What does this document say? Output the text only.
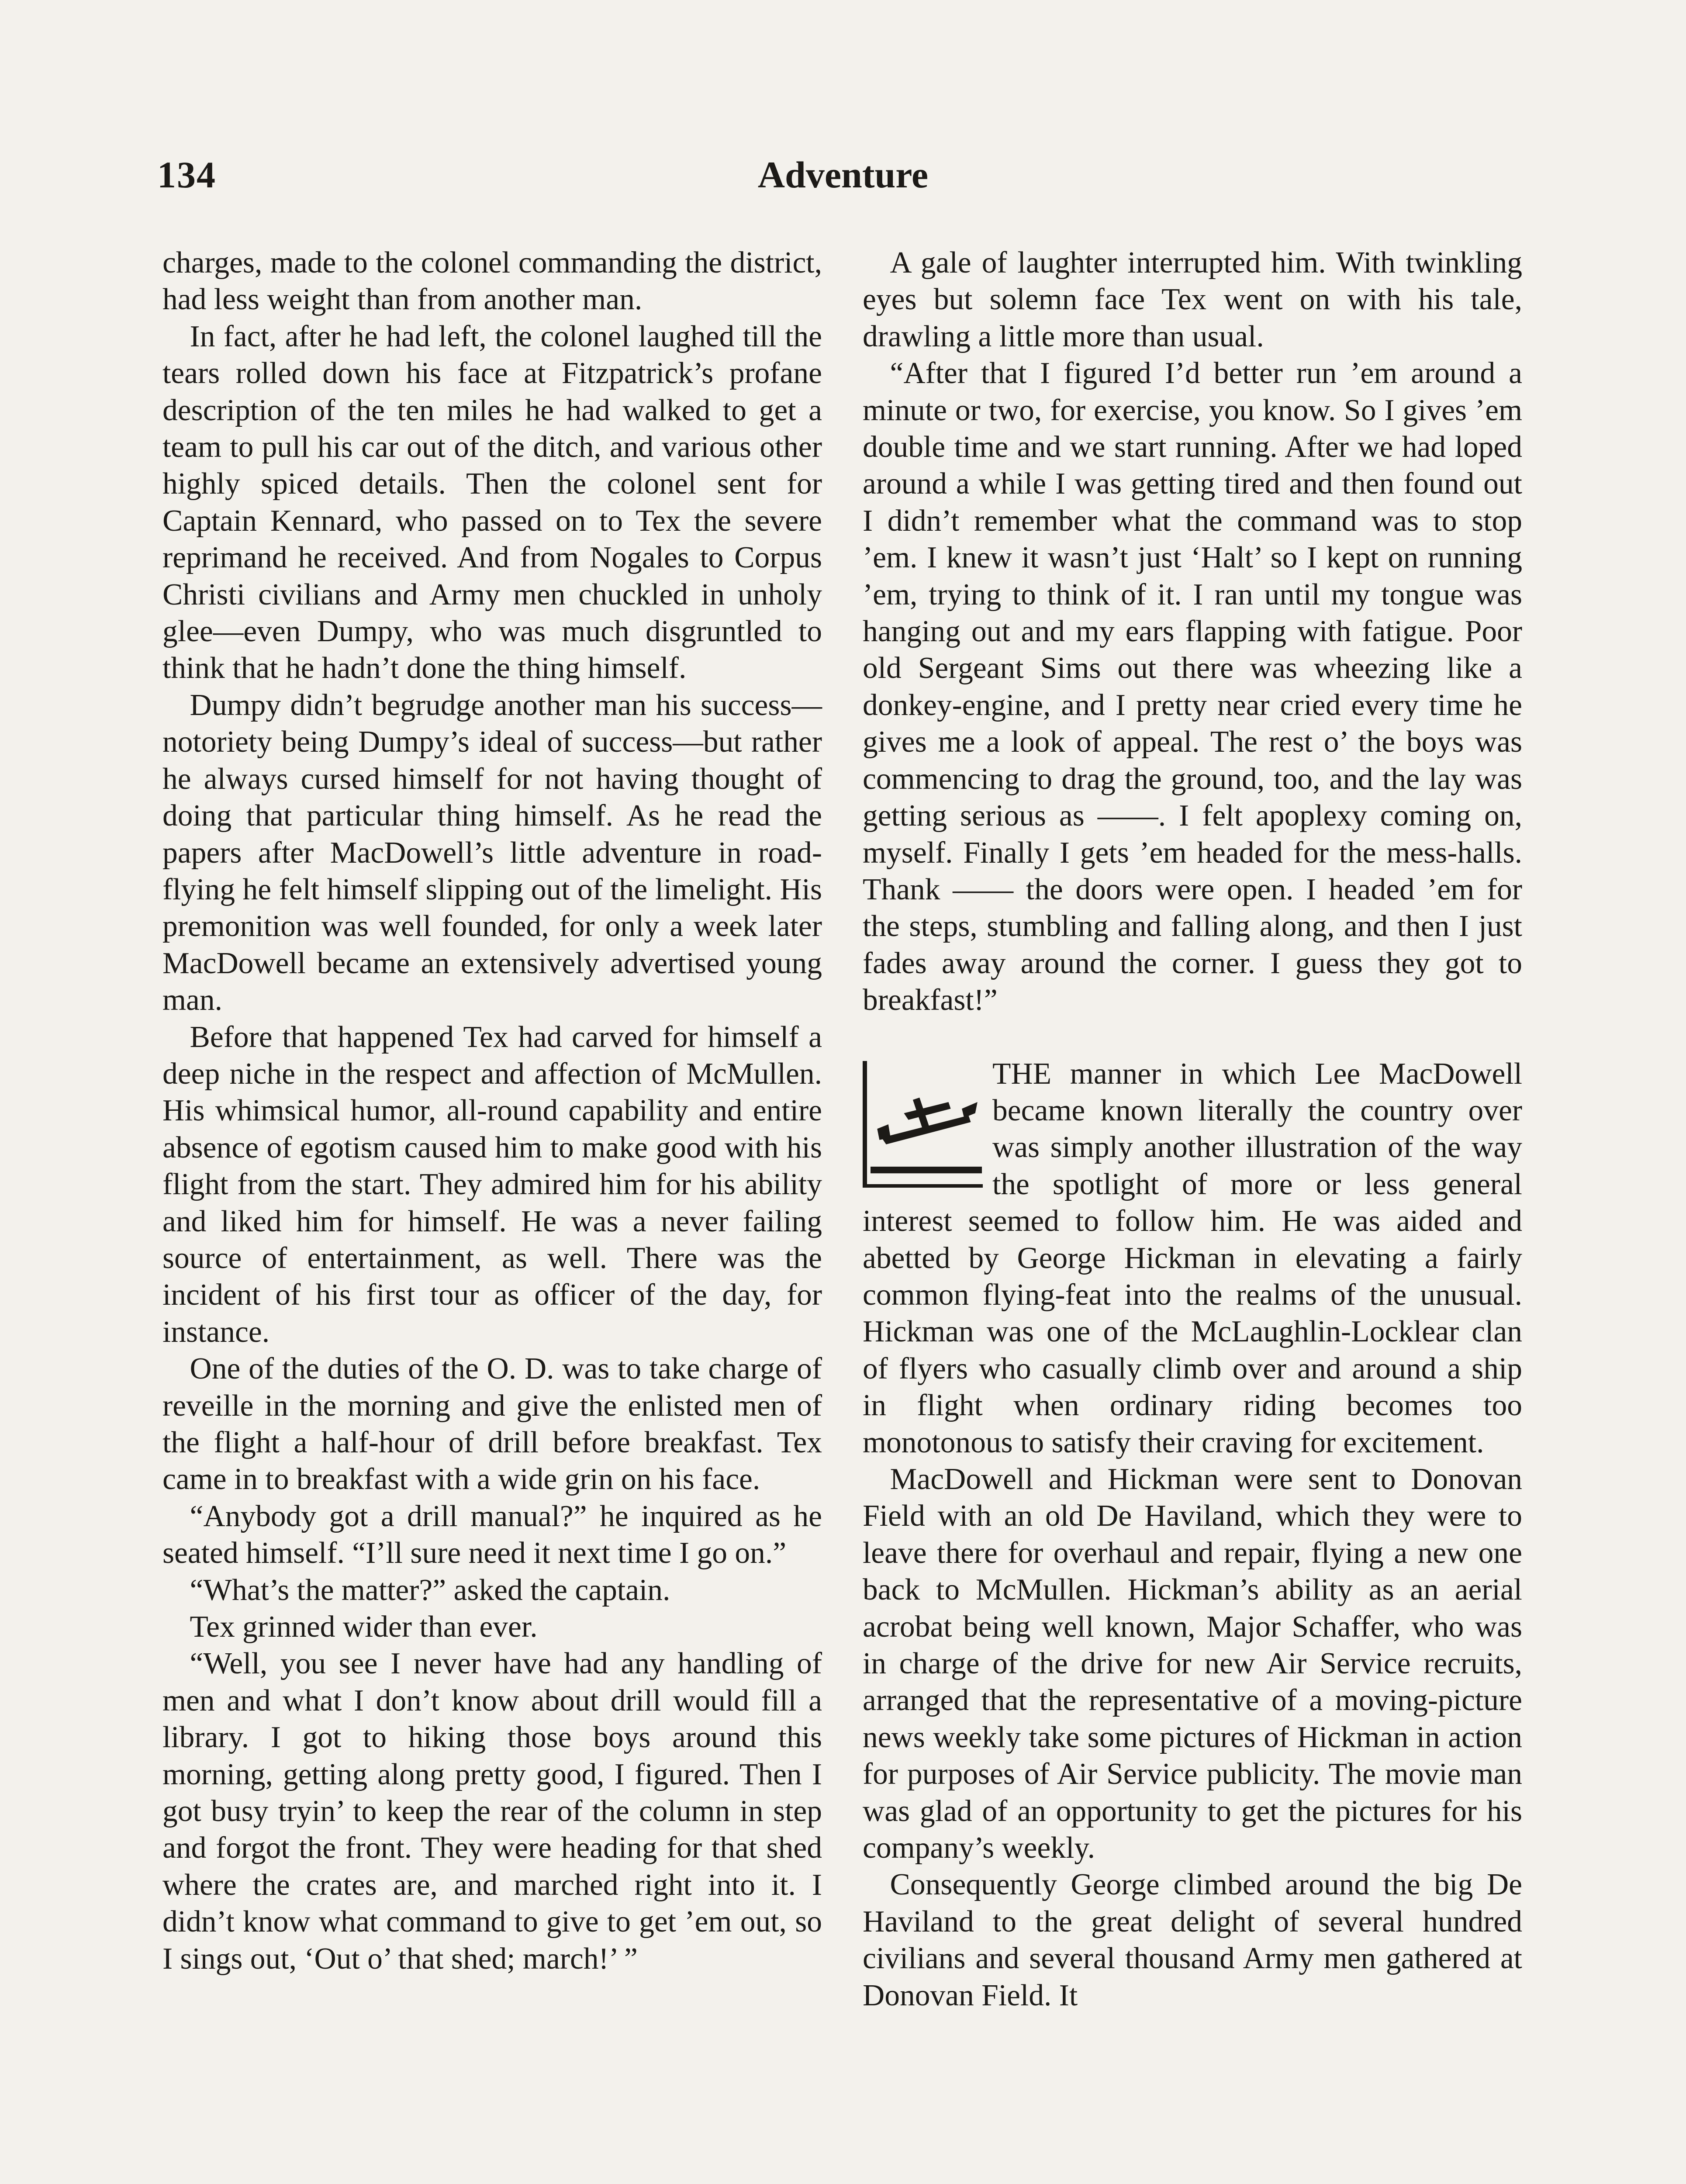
134	Adventure

charges, made to the colonel commanding the district, had less weight than from another man.

In fact, after he had left, the colonel laughed till the tears rolled down his face at Fitzpatrick’s profane description of the ten miles he had walked to get a team to pull his car out of the ditch, and various other highly spiced details. Then the colonel sent for Captain Kennard, who passed on to Tex the severe reprimand he received. And from Nogales to Corpus Christi civilians and Army men chuckled in unholy glee—even Dumpy, who was much disgruntled to think that he hadn’t done the thing himself.

Dumpy didn’t begrudge another man his success—notoriety being Dumpy’s ideal of success—but rather he always cursed himself for not having thought of doing that particular thing himself. As he read the papers after MacDowell’s little adventure in road-flying he felt himself slipping out of the limelight. His premonition was well founded, for only a week later MacDowell became an extensively advertised young man.

Before that happened Tex had carved for himself a deep niche in the respect and affection of McMullen. His whimsical humor, all-round capability and entire absence of egotism caused him to make good with his flight from the start. They admired him for his ability and liked him for himself. He was a never failing source of entertainment, as well. There was the incident of his first tour as officer of the day, for instance.

One of the duties of the O. D. was to take charge of reveille in the morning and give the enlisted men of the flight a half-hour of drill before breakfast. Tex came in to breakfast with a wide grin on his face.

“Anybody got a drill manual?” he inquired as he seated himself. “I’ll sure need it next time I go on.”

“What’s the matter?” asked the captain.

Tex grinned wider than ever.

“Well, you see I never have had any handling of men and what I don’t know about drill would fill a library. I got to hiking those boys around this morning, getting along pretty good, I figured. Then I got busy tryin’ to keep the rear of the column in step and forgot the front. They were heading for that shed where the crates are, and marched right into it. I didn’t know what command to give to get ’em out, so I sings out, ‘Out o’ that shed; march!’ ”

A gale of laughter interrupted him. With twinkling eyes but solemn face Tex went on with his tale, drawling a little more than usual.

“After that I figured I’d better run ’em around a minute or two, for exercise, you know. So I gives ’em double time and we start running. After we had loped around a while I was getting tired and then found out I didn’t remember what the command was to stop ’em. I knew it wasn’t just ‘Halt’ so I kept on running ’em, trying to think of it. I ran until my tongue was hanging out and my ears flapping with fatigue. Poor old Sergeant Sims out there was wheezing like a donkey-engine, and I pretty near cried every time he gives me a look of appeal. The rest o’ the boys was commencing to drag the ground, too, and the lay was getting serious as ——. I felt apoplexy coming on, myself. Finally I gets ’em headed for the mess-halls. Thank —— the doors were open. I headed ’em for the steps, stumbling and falling along, and then I just fades away around the corner. I guess they got to breakfast!”

THE manner in which Lee MacDowell became known literally the country over was simply another illustration of the way the spotlight of more or less general interest seemed to follow him. He was aided and abetted by George Hickman in elevating a fairly common flying-feat into the realms of the unusual. Hickman was one of the McLaughlin-Locklear clan of flyers who casually climb over and around a ship in flight when ordinary riding becomes too monotonous to satisfy their craving for excitement.

MacDowell and Hickman were sent to Donovan Field with an old De Haviland, which they were to leave there for overhaul and repair, flying a new one back to McMullen. Hickman’s ability as an aerial acrobat being well known, Major Schaffer, who was in charge of the drive for new Air Service recruits, arranged that the representative of a moving-picture news weekly take some pictures of Hickman in action for purposes of Air Service publicity. The movie man was glad of an opportunity to get the pictures for his company’s weekly.

Consequently George climbed around the big De Haviland to the great delight of several hundred civilians and several thousand Army men gathered at Donovan Field. It
